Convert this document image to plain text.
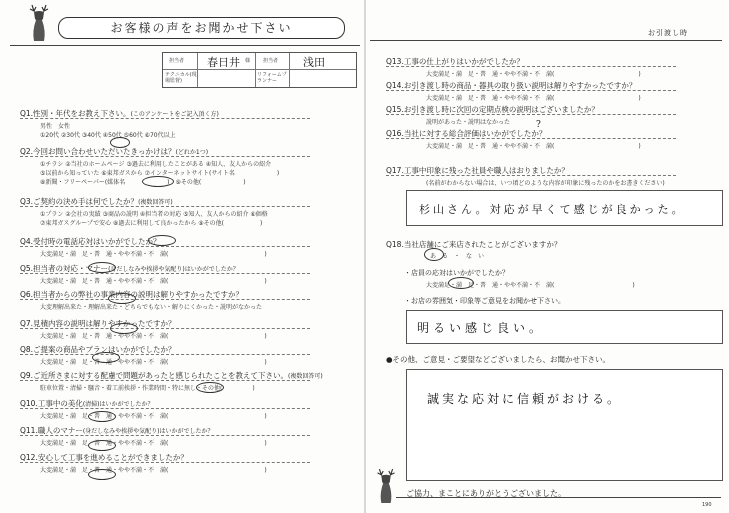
お客様の声をお聞かせ下さい
担当者 春日井 様	担当者 浅田
テクニカル(現場監督)
リフォームプランナー
Q1.性別・年代をお教え下さい。(このアンケートをご記入頂く方)
男性　女性
①20代 ②30代 ③40代 ④50代 ⑤60代 ⑥70代以上
Q2.今回お問い合わせいただいたきっかけは？(どれか1つ)
①チラシ ②当社のホームページ ③過去に利用したことがある ④知人、友人からの紹介
⑤以前から知っていた ⑥東邦ガスから ⑦インターネットサイト(サイト名　　　　　　　)
⑧新聞・フリーペーパー(媒体名　　　　　　　)　⑨その他(　　　　　　　)
Q3.ご契約の決め手は何でしたか？(複数回答可)
①プラン ②会社の実績 ③商品の説明 ④担当者の対応 ⑤知人、友人からの紹介 ⑥価格
⑦東邦ガスグループで安心 ⑧過去に利用して良かったから ⑨その他(　　　　　　)
Q4.受付時の電話応対はいかがでしたか？
大変満足・満　足・普　通・やや不満・不　満(　　　　　　　　　　　　　　　　)
Q5.担当者の対応・マナー(身だしなみや挨拶や気配り)はいかがでしたか？
大変満足・満　足・普　通・やや不満・不　満(　　　　　　　　　　　　　　　　)
Q6.担当者からの弊社の事業内容の説明は解りやすかったですか？
大変理解出来た・理解出来た・どちらでもない・解りにくかった・説明がなかった
Q7.見積内容の説明は解りやすかったですか？
大変満足・満　足・普　通・やや不満・不　満(　　　　　　　　　　　　　　　　)
Q8.ご提案の商品やプランはいかがでしたか？
大変満足・満　足・普　通・やや不満・不　満(　　　　　　　　　　　　　　　　)
Q9.ご近所さまに対する配慮で問題があったと感じられたことを教えて下さい。(複数回答可)
駐車位置・清掃・騒音・着工前挨拶・作業時間・特に無し・その他(　　　　　)
Q10.工事中の美化(清掃)はいかがでしたか？
大変満足・満　足・普　通・やや不満・不　満(　　　　　　　　　　　　　　　　)
Q11.職人のマナー(身だしなみや挨拶や気配り)はいかがでしたか？
大変満足・満　足・普　通・やや不満・不　満(　　　　　　　　　　　　　　　　)
Q12.安心して工事を進めることができましたか？
大変満足・満　足・普　通・やや不満・不　満(　　　　　　　　　　　　　　　　)
お引渡し時
Q13.工事の仕上がりはいかがでしたか？
大変満足・満　足・普　通・やや不満・不　満(　　　　　　　　　　　　　　)
Q14.お引き渡し時の商品・器具の取り扱い説明は解りやすかったですか？
大変満足・満　足・普　通・やや不満・不　満(　　　　　　　　　　　　　　)
Q15.お引き渡し時に次回の定期点検の説明はございましたか？
説明があった・説明はなかった
Q16.当社に対する総合評価はいかがでしたか？
大変満足・満　足・普　通・やや不満・不　満(　　　　　　　　　　　　　　)
Q17.工事中印象に残った社員や職人はおりましたか？
(名前がわからない場合は、いつ頃どのような内容が印象に残ったのかをお書きください)
?
杉山さん。対応が早くて感じが良かった。
Q18.当社店舗にご来店されたことがございますか？
あ　る　・　な　い
・店員の応対はいかがでしたか？
大変満足・満　足・普　通・やや不満・不　満(　　　　　　　　　　　　　)
・お店の雰囲気・印象等ご意見をお聞かせ下さい。
明るい感じ良い。
●その他、ご意見・ご要望などございましたら、お聞かせ下さい。
誠実な応対に信頼がおける。
ご協力、まことにありがとうございました。
190
